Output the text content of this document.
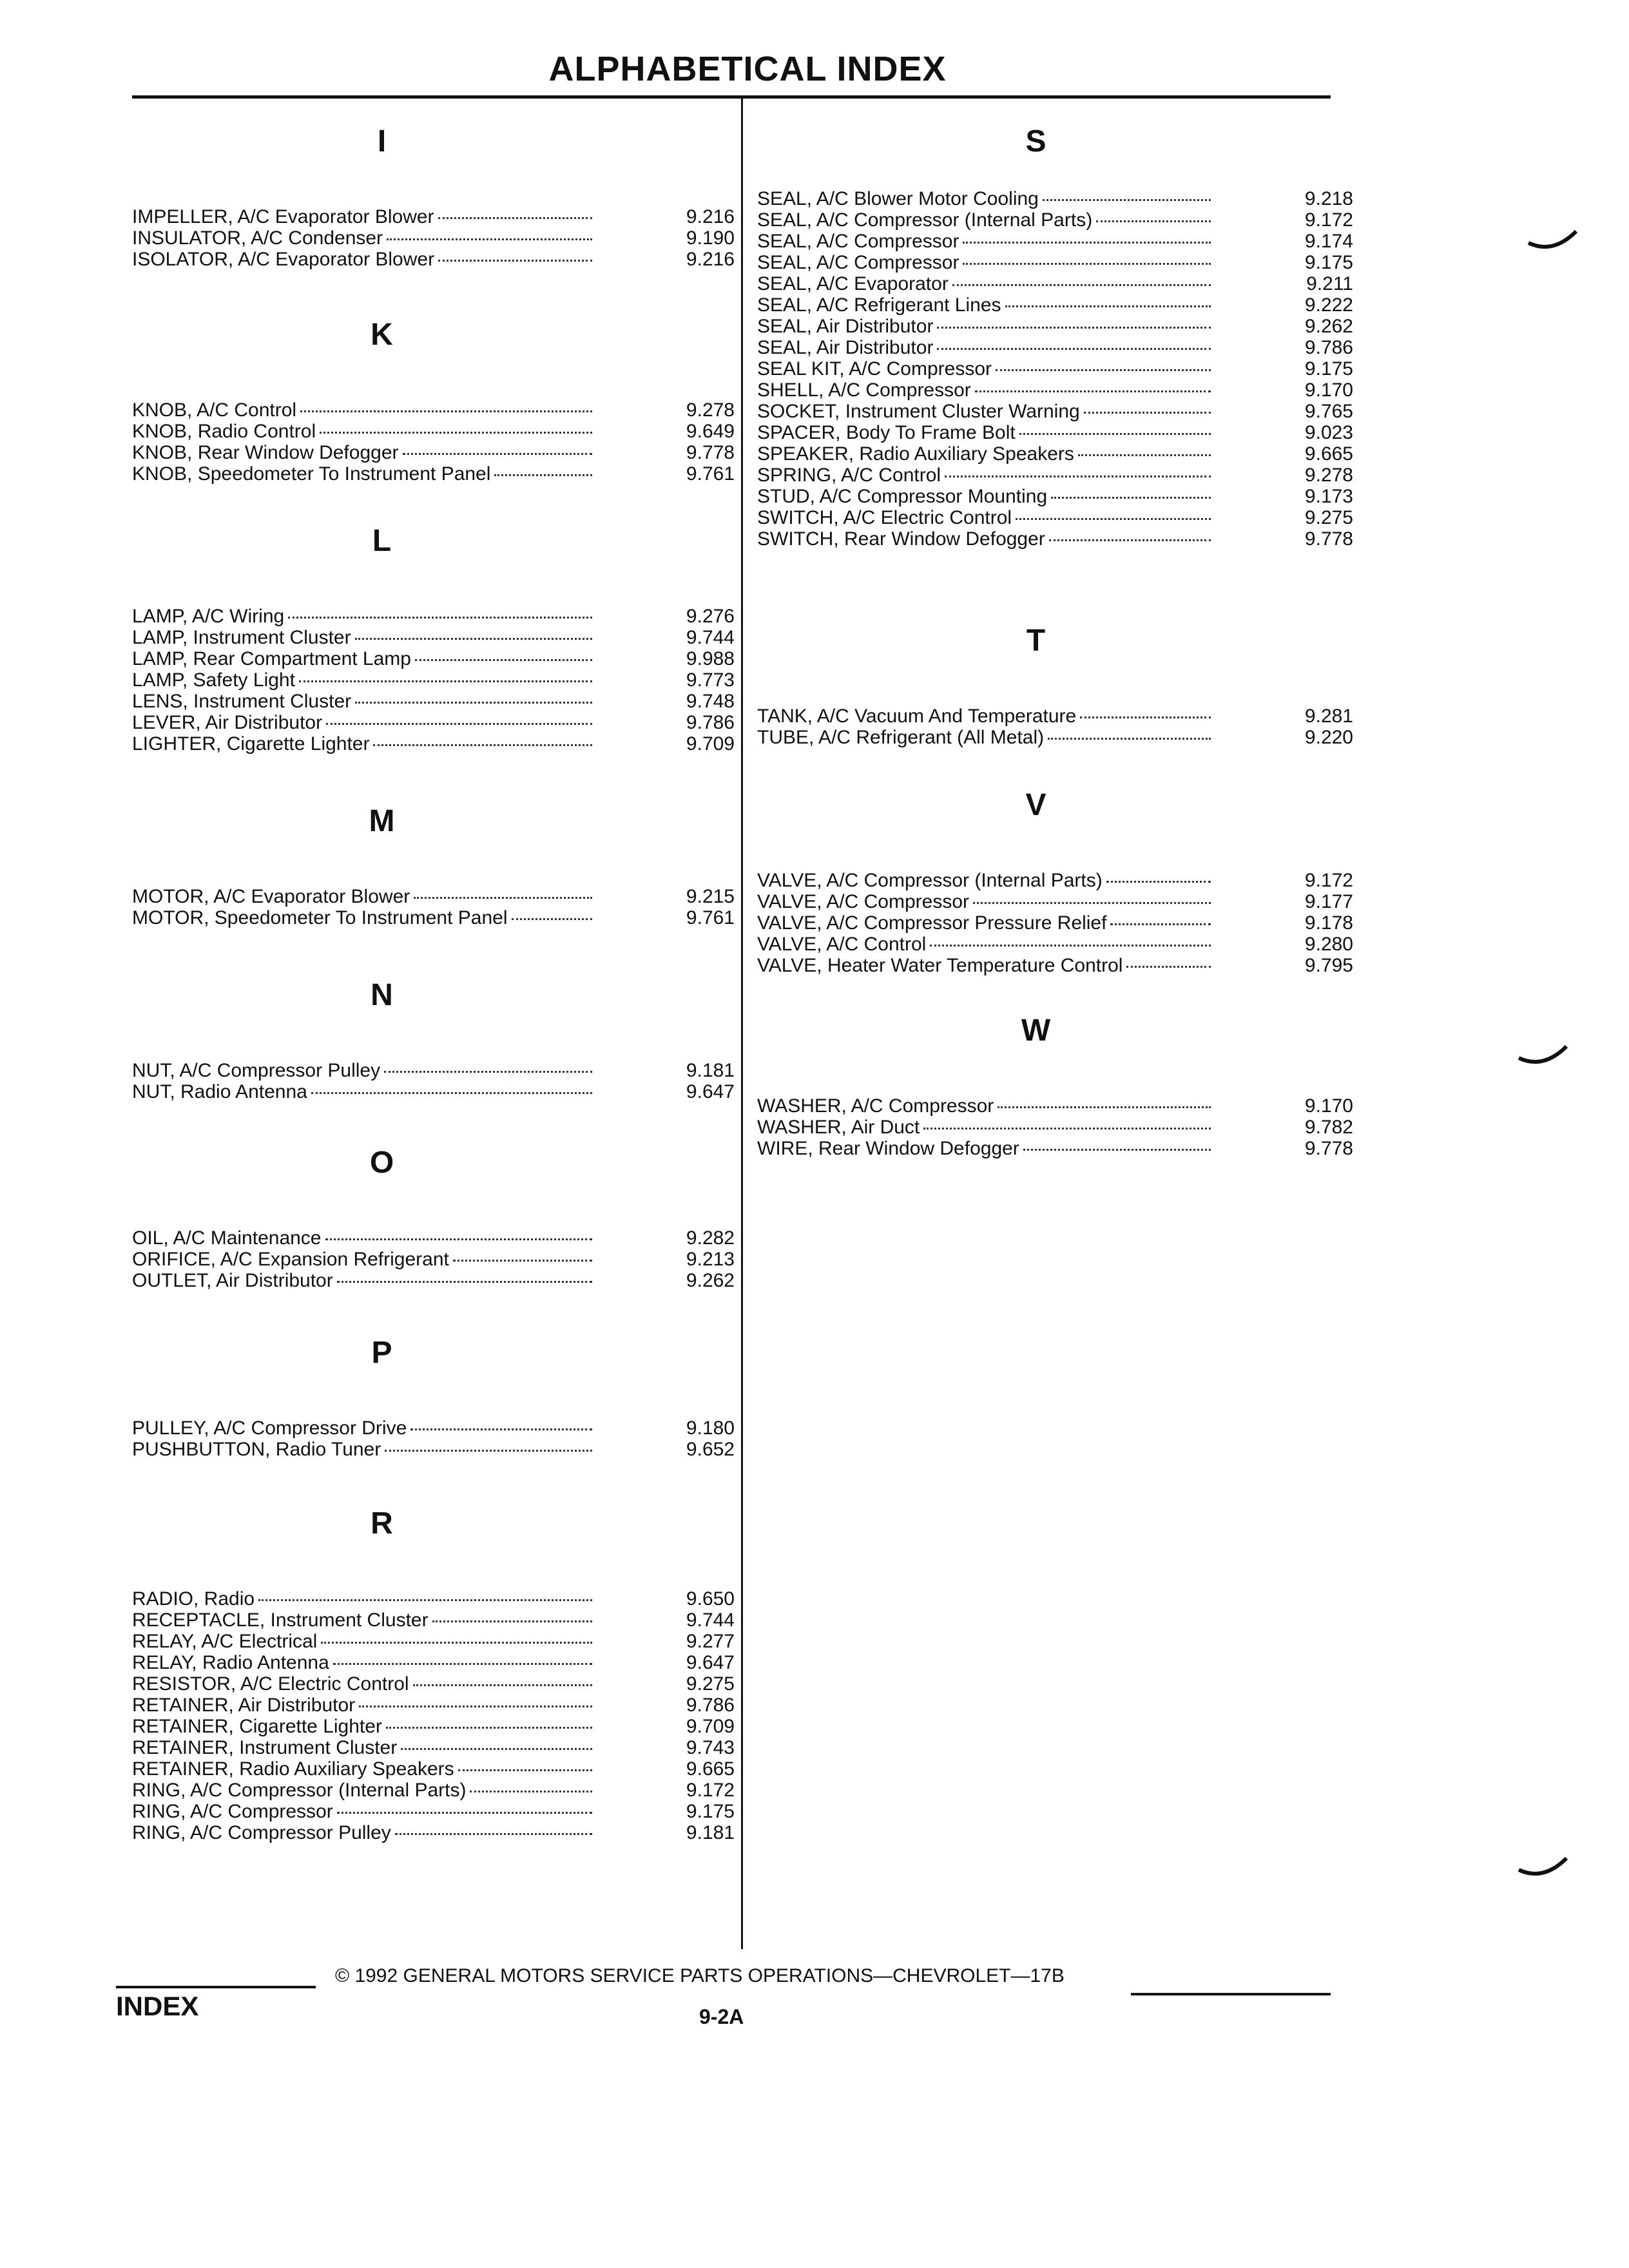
ALPHABETICAL INDEX
I
IMPELLER, A/C Evaporator Blower	9.216
INSULATOR, A/C Condenser	9.190
ISOLATOR, A/C Evaporator Blower	9.216
K
KNOB, A/C Control	9.278
KNOB, Radio Control	9.649
KNOB, Rear Window Defogger	9.778
KNOB, Speedometer To Instrument Panel	9.761
L
LAMP, A/C Wiring	9.276
LAMP, Instrument Cluster	9.744
LAMP, Rear Compartment Lamp	9.988
LAMP, Safety Light	9.773
LENS, Instrument Cluster	9.748
LEVER, Air Distributor	9.786
LIGHTER, Cigarette Lighter	9.709
M
MOTOR, A/C Evaporator Blower	9.215
MOTOR, Speedometer To Instrument Panel	9.761
N
NUT, A/C Compressor Pulley	9.181
NUT, Radio Antenna	9.647
O
OIL, A/C Maintenance	9.282
ORIFICE, A/C Expansion Refrigerant	9.213
OUTLET, Air Distributor	9.262
P
PULLEY, A/C Compressor Drive	9.180
PUSHBUTTON, Radio Tuner	9.652
R
RADIO, Radio	9.650
RECEPTACLE, Instrument Cluster	9.744
RELAY, A/C Electrical	9.277
RELAY, Radio Antenna	9.647
RESISTOR, A/C Electric Control	9.275
RETAINER, Air Distributor	9.786
RETAINER, Cigarette Lighter	9.709
RETAINER, Instrument Cluster	9.743
RETAINER, Radio Auxiliary Speakers	9.665
RING, A/C Compressor (Internal Parts)	9.172
RING, A/C Compressor	9.175
RING, A/C Compressor Pulley	9.181
S
SEAL, A/C Blower Motor Cooling	9.218
SEAL, A/C Compressor (Internal Parts)	9.172
SEAL, A/C Compressor	9.174
SEAL, A/C Compressor	9.175
SEAL, A/C Evaporator	9.211
SEAL, A/C Refrigerant Lines	9.222
SEAL, Air Distributor	9.262
SEAL, Air Distributor	9.786
SEAL KIT, A/C Compressor	9.175
SHELL, A/C Compressor	9.170
SOCKET, Instrument Cluster Warning	9.765
SPACER, Body To Frame Bolt	9.023
SPEAKER, Radio Auxiliary Speakers	9.665
SPRING, A/C Control	9.278
STUD, A/C Compressor Mounting	9.173
SWITCH, A/C Electric Control	9.275
SWITCH, Rear Window Defogger	9.778
T
TANK, A/C Vacuum And Temperature	9.281
TUBE, A/C Refrigerant (All Metal)	9.220
V
VALVE, A/C Compressor (Internal Parts)	9.172
VALVE, A/C Compressor	9.177
VALVE, A/C Compressor Pressure Relief	9.178
VALVE, A/C Control	9.280
VALVE, Heater Water Temperature Control	9.795
W
WASHER, A/C Compressor	9.170
WASHER, Air Duct	9.782
WIRE, Rear Window Defogger	9.778
© 1992 GENERAL MOTORS SERVICE PARTS OPERATIONS—CHEVROLET—17B
INDEX	9-2A
